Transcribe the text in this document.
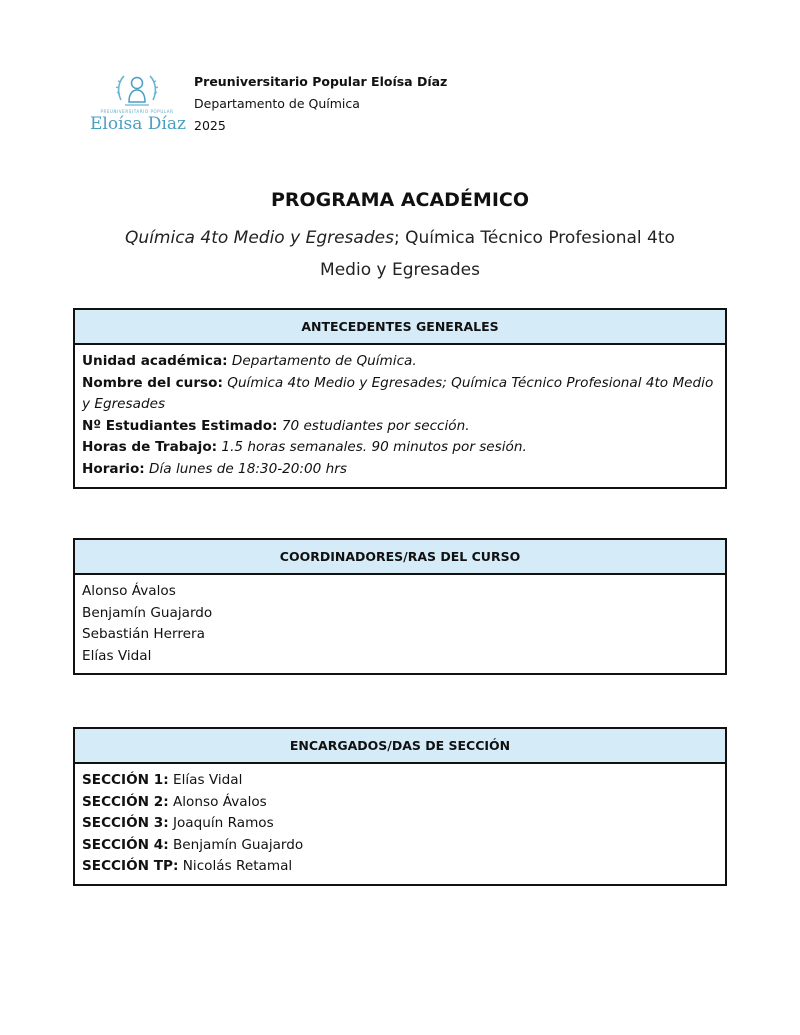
PREUNIVERSITARIO POPULAR
Eloísa Díaz
Preuniversitario Popular Eloísa Díaz
Departamento de Química
2025
PROGRAMA ACADÉMICO
Química 4to Medio y Egresades; Química Técnico Profesional 4to Medio y Egresades
ANTECEDENTES GENERALES
Unidad académica: Departamento de Química.
Nombre del curso: Química 4to Medio y Egresades; Química Técnico Profesional 4to Medio y Egresades
Nº Estudiantes Estimado: 70 estudiantes por sección.
Horas de Trabajo: 1.5 horas semanales. 90 minutos por sesión.
Horario: Día lunes de 18:30-20:00 hrs
COORDINADORES/RAS DEL CURSO
Alonso Ávalos
Benjamín Guajardo
Sebastián Herrera
Elías Vidal
ENCARGADOS/DAS DE SECCIÓN
SECCIÓN 1: Elías Vidal
SECCIÓN 2: Alonso Ávalos
SECCIÓN 3: Joaquín Ramos
SECCIÓN 4: Benjamín Guajardo
SECCIÓN TP: Nicolás Retamal
